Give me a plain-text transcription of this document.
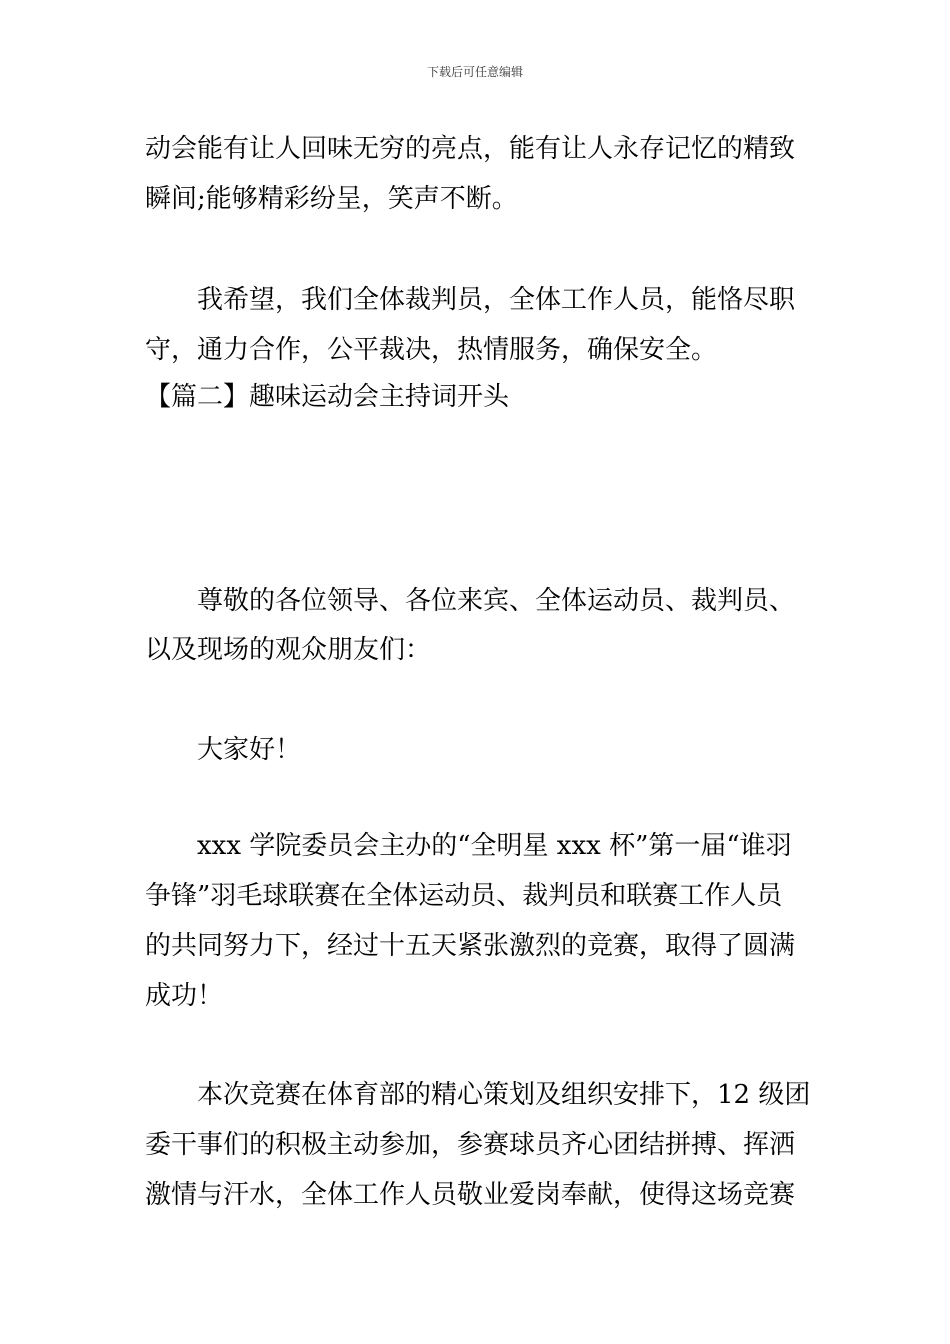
下载后可任意编辑
动会能有让人回味无穷的亮点，能有让人永存记忆的精致
瞬间;能够精彩纷呈，笑声不断。
我希望，我们全体裁判员，全体工作人员，能恪尽职
守，通力合作，公平裁决，热情服务，确保安全。
【篇二】趣味运动会主持词开头
尊敬的各位领导、各位来宾、全体运动员、裁判员、
以及现场的观众朋友们：
大家好！
xxx 学院委员会主办的“全明星 xxx 杯”第一届“谁羽
争锋”羽毛球联赛在全体运动员、裁判员和联赛工作人员
的共同努力下，经过十五天紧张激烈的竞赛，取得了圆满
成功！
本次竞赛在体育部的精心策划及组织安排下，12 级团
委干事们的积极主动参加，参赛球员齐心团结拼搏、挥洒
激情与汗水，全体工作人员敬业爱岗奉献，使得这场竞赛
